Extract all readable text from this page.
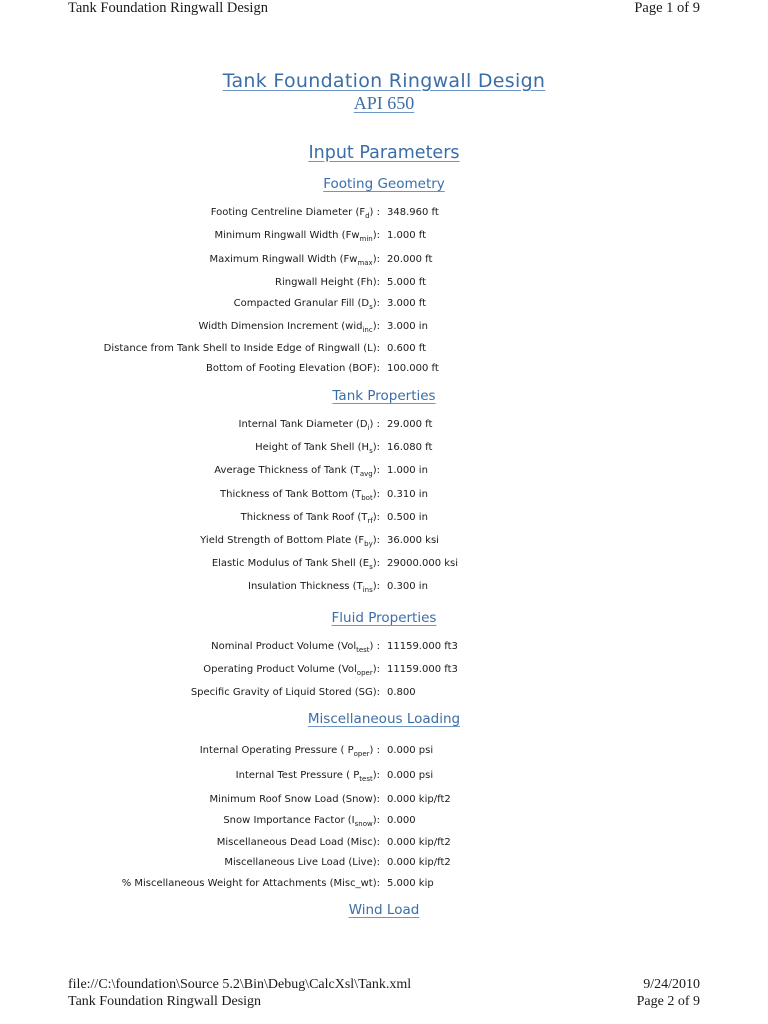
Tank Foundation Ringwall Design	Page 1 of 9
Tank Foundation Ringwall Design
API 650
Input Parameters
Footing Geometry
Footing Centreline Diameter $(F_d)$ : 348.960 ft
Minimum Ringwall Width $(Fw_{min})$: 1.000 ft
Maximum Ringwall Width $(Fw_{max})$: 20.000 ft
Ringwall Height (Fh): 5.000 ft
Compacted Granular Fill $(D_s)$: 3.000 ft
Width Dimension Increment (wid$_{inc}$): 3.000 in
Distance from Tank Shell to Inside Edge of Ringwall (L): 0.600 ft
Bottom of Footing Elevation (BOF): 100.000 ft
Tank Properties
Internal Tank Diameter $(D_i)$ : 29.000 ft
Height of Tank Shell $(H_s)$: 16.080 ft
Average Thickness of Tank $(T_{avg})$: 1.000 in
Thickness of Tank Bottom $(T_{bot})$: 0.310 in
Thickness of Tank Roof $(T_{rf})$: 0.500 in
Yield Strength of Bottom Plate $(F_{by})$: 36.000 ksi
Elastic Modulus of Tank Shell $(E_s)$: 29000.000 ksi
Insulation Thickness $(T_{ins})$: 0.300 in
Fluid Properties
Nominal Product Volume (Vol$_{test}$) : 11159.000 ft3
Operating Product Volume (Vol$_{oper}$): 11159.000 ft3
Specific Gravity of Liquid Stored (SG): 0.800
Miscellaneous Loading
Internal Operating Pressure ( $P_{oper}$) : 0.000 psi
Internal Test Pressure ( $P_{test}$): 0.000 psi
Minimum Roof Snow Load (Snow): 0.000 kip/ft2
Snow Importance Factor $(I_{snow})$: 0.000
Miscellaneous Dead Load (Misc): 0.000 kip/ft2
Miscellaneous Live Load (Live): 0.000 kip/ft2
% Miscellaneous Weight for Attachments (Misc_wt): 5.000 kip
Wind Load
file://C:\foundation\Source 5.2\Bin\Debug\CalcXsl\Tank.xml	9/24/2010
Tank Foundation Ringwall Design	Page 2 of 9
